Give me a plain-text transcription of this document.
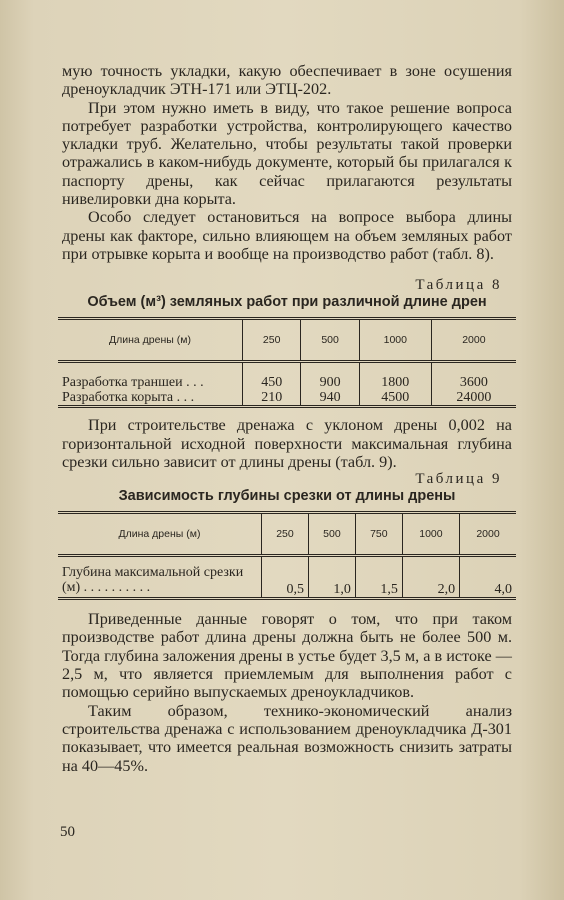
мую точность укладки, какую обеспечивает в зоне осушения дреноукладчик ЭТН-171 или ЭТЦ-202.

При этом нужно иметь в виду, что такое решение вопроса потребует разработки устройства, контролирующего качество укладки труб. Желательно, чтобы результаты такой проверки отражались в каком-нибудь документе, который бы прилагался к паспорту дрены, как сейчас прилагаются результаты нивелировки дна корыта.

Особо следует остановиться на вопросе выбора длины дрены как факторе, сильно влияющем на объем земляных работ при отрывке корыта и вообще на производство работ (табл. 8).

Таблица 8
Объем (м³) земляных работ при различной длине дрен
Длина дрены (м)	250	500	1000	2000
Разработка траншеи . . .	450	900	1800	3600
Разработка корыта . . .	210	940	4500	24000

При строительстве дренажа с уклоном дрены 0,002 на горизонтальной исходной поверхности максимальная глубина срезки сильно зависит от длины дрены (табл. 9).

Таблица 9
Зависимость глубины срезки от длины дрены
Длина дрены (м)	250	500	750	1000	2000
Глубина максимальной срезки (м) . . . . . . . . . .	0,5	1,0	1,5	2,0	4,0

Приведенные данные говорят о том, что при таком производстве работ длина дрены должна быть не более 500 м. Тогда глубина заложения дрены в устье будет 3,5 м, а в истоке — 2,5 м, что является приемлемым для выполнения работ с помощью серийно выпускаемых дреноукладчиков.

Таким образом, технико-экономический анализ строительства дренажа с использованием дреноукладчика Д-301 показывает, что имеется реальная возможность снизить затраты на 40—45%.

50
